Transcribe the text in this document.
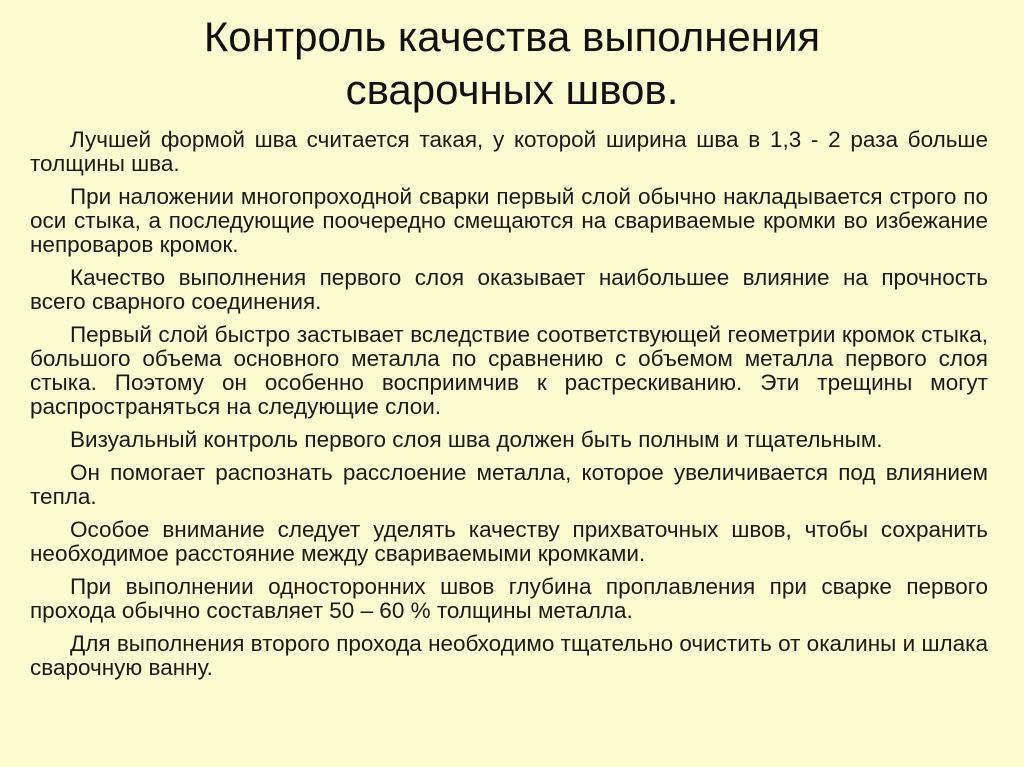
Контроль качества выполнения
сварочных швов.

Лучшей формой шва считается такая, у которой ширина шва в 1,3 - 2 раза больше толщины шва.

При наложении многопроходной сварки первый слой обычно накладывается строго по оси стыка, а последующие поочередно смещаются на свариваемые кромки во избежание непроваров кромок.

Качество выполнения первого слоя оказывает наибольшее влияние на прочность всего сварного соединения.

Первый слой быстро застывает вследствие соответствующей геометрии кромок стыка, большого объема основного металла по сравнению с объемом металла первого слоя стыка. Поэтому он особенно восприимчив к растрескиванию. Эти трещины могут распространяться на следующие слои.

Визуальный контроль первого слоя шва должен быть полным и тщательным.

Он помогает распознать расслоение металла, которое увеличивается под влиянием тепла.

Особое внимание следует уделять качеству прихваточных швов, чтобы сохранить необходимое расстояние между свариваемыми кромками.

При выполнении односторонних швов глубина проплавления при сварке первого прохода обычно составляет 50 – 60 % толщины металла.

Для выполнения второго прохода необходимо тщательно очистить от окалины и шлака сварочную ванну.
